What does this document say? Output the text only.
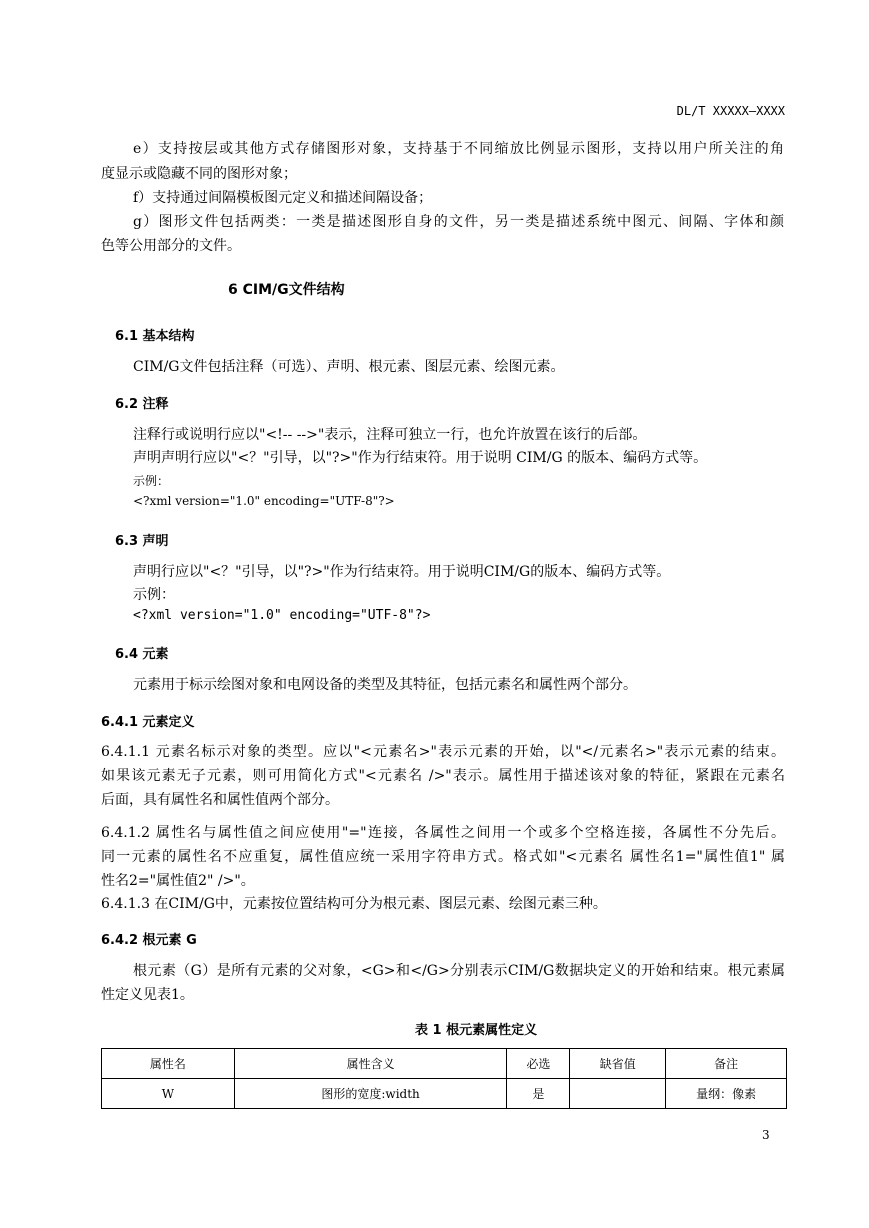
DL/T XXXXX—XXXX
e）支持按层或其他方式存储图形对象，支持基于不同缩放比例显示图形，支持以用户所关注的角
度显示或隐藏不同的图形对象；
f）支持通过间隔模板图元定义和描述间隔设备；
g）图形文件包括两类：一类是描述图形自身的文件，另一类是描述系统中图元、间隔、字体和颜
色等公用部分的文件。
6 CIM/G文件结构
6.1 基本结构
CIM/G文件包括注释（可选）、声明、根元素、图层元素、绘图元素。
6.2 注释
注释行或说明行应以"<!-- -->"表示，注释可独立一行，也允许放置在该行的后部。
声明声明行应以"<？"引导，以"?>"作为行结束符。用于说明 CIM/G 的版本、编码方式等。
示例：
<?xml version="1.0" encoding="UTF-8"?>
6.3 声明
声明行应以"<？"引导，以"?>"作为行结束符。用于说明CIM/G的版本、编码方式等。
示例：
<?xml version="1.0" encoding="UTF-8"?>
6.4 元素
元素用于标示绘图对象和电网设备的类型及其特征，包括元素名和属性两个部分。
6.4.1 元素定义
6.4.1.1 元素名标示对象的类型。应以"<元素名>"表示元素的开始，以"</元素名>"表示元素的结束。
如果该元素无子元素，则可用简化方式"<元素名 />"表示。属性用于描述该对象的特征，紧跟在元素名
后面，具有属性名和属性值两个部分。
6.4.1.2 属性名与属性值之间应使用"="连接，各属性之间用一个或多个空格连接，各属性不分先后。
同一元素的属性名不应重复，属性值应统一采用字符串方式。格式如"<元素名 属性名1="属性值1" 属
性名2="属性值2" />"。
6.4.1.3 在CIM/G中，元素按位置结构可分为根元素、图层元素、绘图元素三种。
6.4.2 根元素 G
根元素（G）是所有元素的父对象，<G>和</G>分别表示CIM/G数据块定义的开始和结束。根元素属
性定义见表1。
表 1 根元素属性定义
属性名	属性含义	必选	缺省值	备注
W	图形的宽度:width	是		量纲：像素
3
